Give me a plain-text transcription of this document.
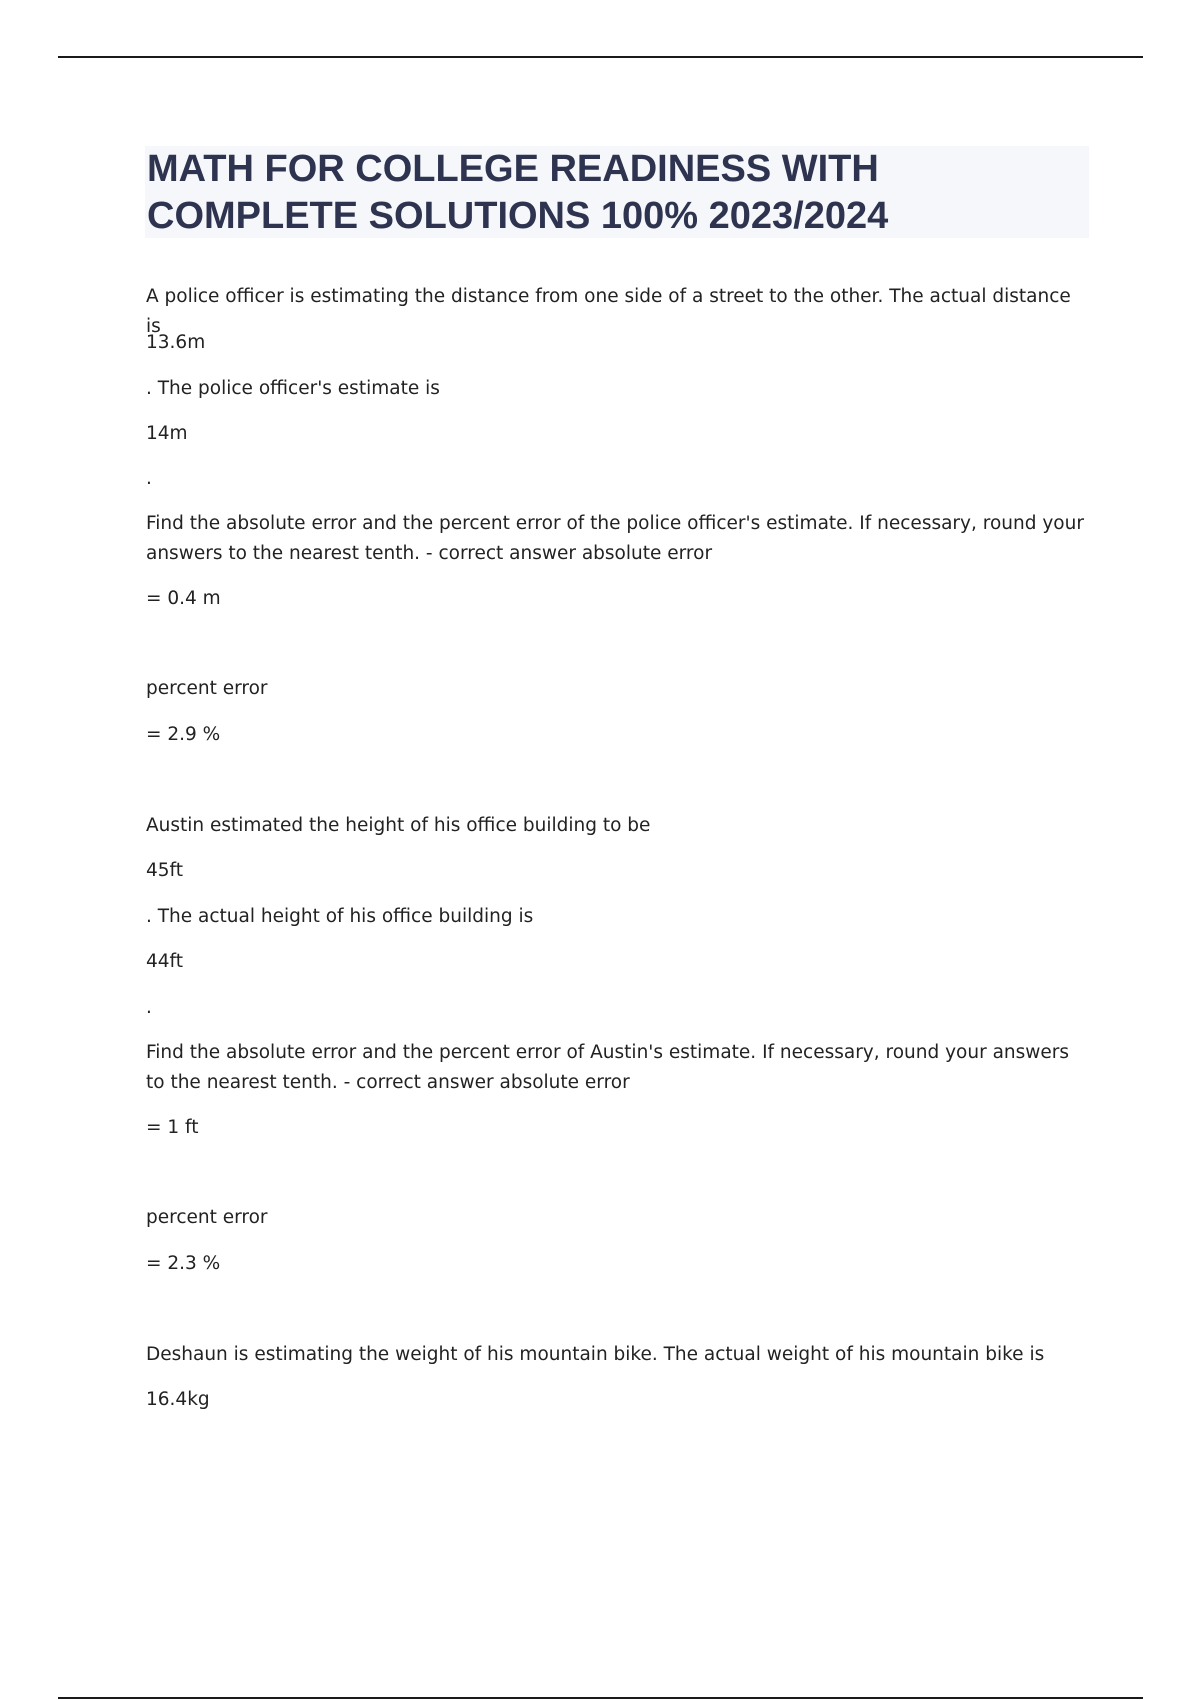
MATH FOR COLLEGE READINESS WITH
COMPLETE SOLUTIONS 100% 2023/2024

A police officer is estimating the distance from one side of a street to the other. The actual distance is

13.6m

. The police officer's estimate is

14m

.

Find the absolute error and the percent error of the police officer's estimate. If necessary, round your answers to the nearest tenth. - correct answer absolute error

= 0.4 m

percent error

= 2.9 %

Austin estimated the height of his office building to be

45ft

. The actual height of his office building is

44ft

.

Find the absolute error and the percent error of Austin's estimate. If necessary, round your answers to the nearest tenth. - correct answer absolute error

= 1 ft

percent error

= 2.3 %

Deshaun is estimating the weight of his mountain bike. The actual weight of his mountain bike is

16.4kg
